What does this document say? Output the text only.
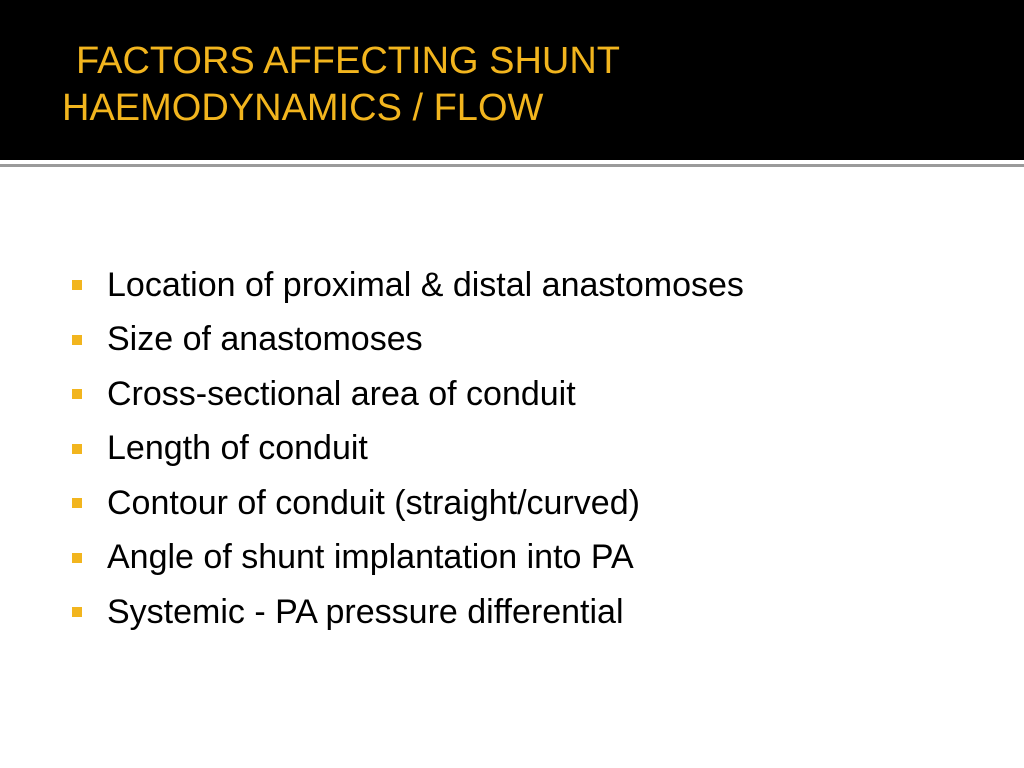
FACTORS AFFECTING SHUNT
HAEMODYNAMICS / FLOW
Location of proximal & distal anastomoses
Size of anastomoses
Cross-sectional area of conduit
Length of conduit
Contour of conduit (straight/curved)
Angle of shunt implantation into PA
Systemic - PA pressure differential
